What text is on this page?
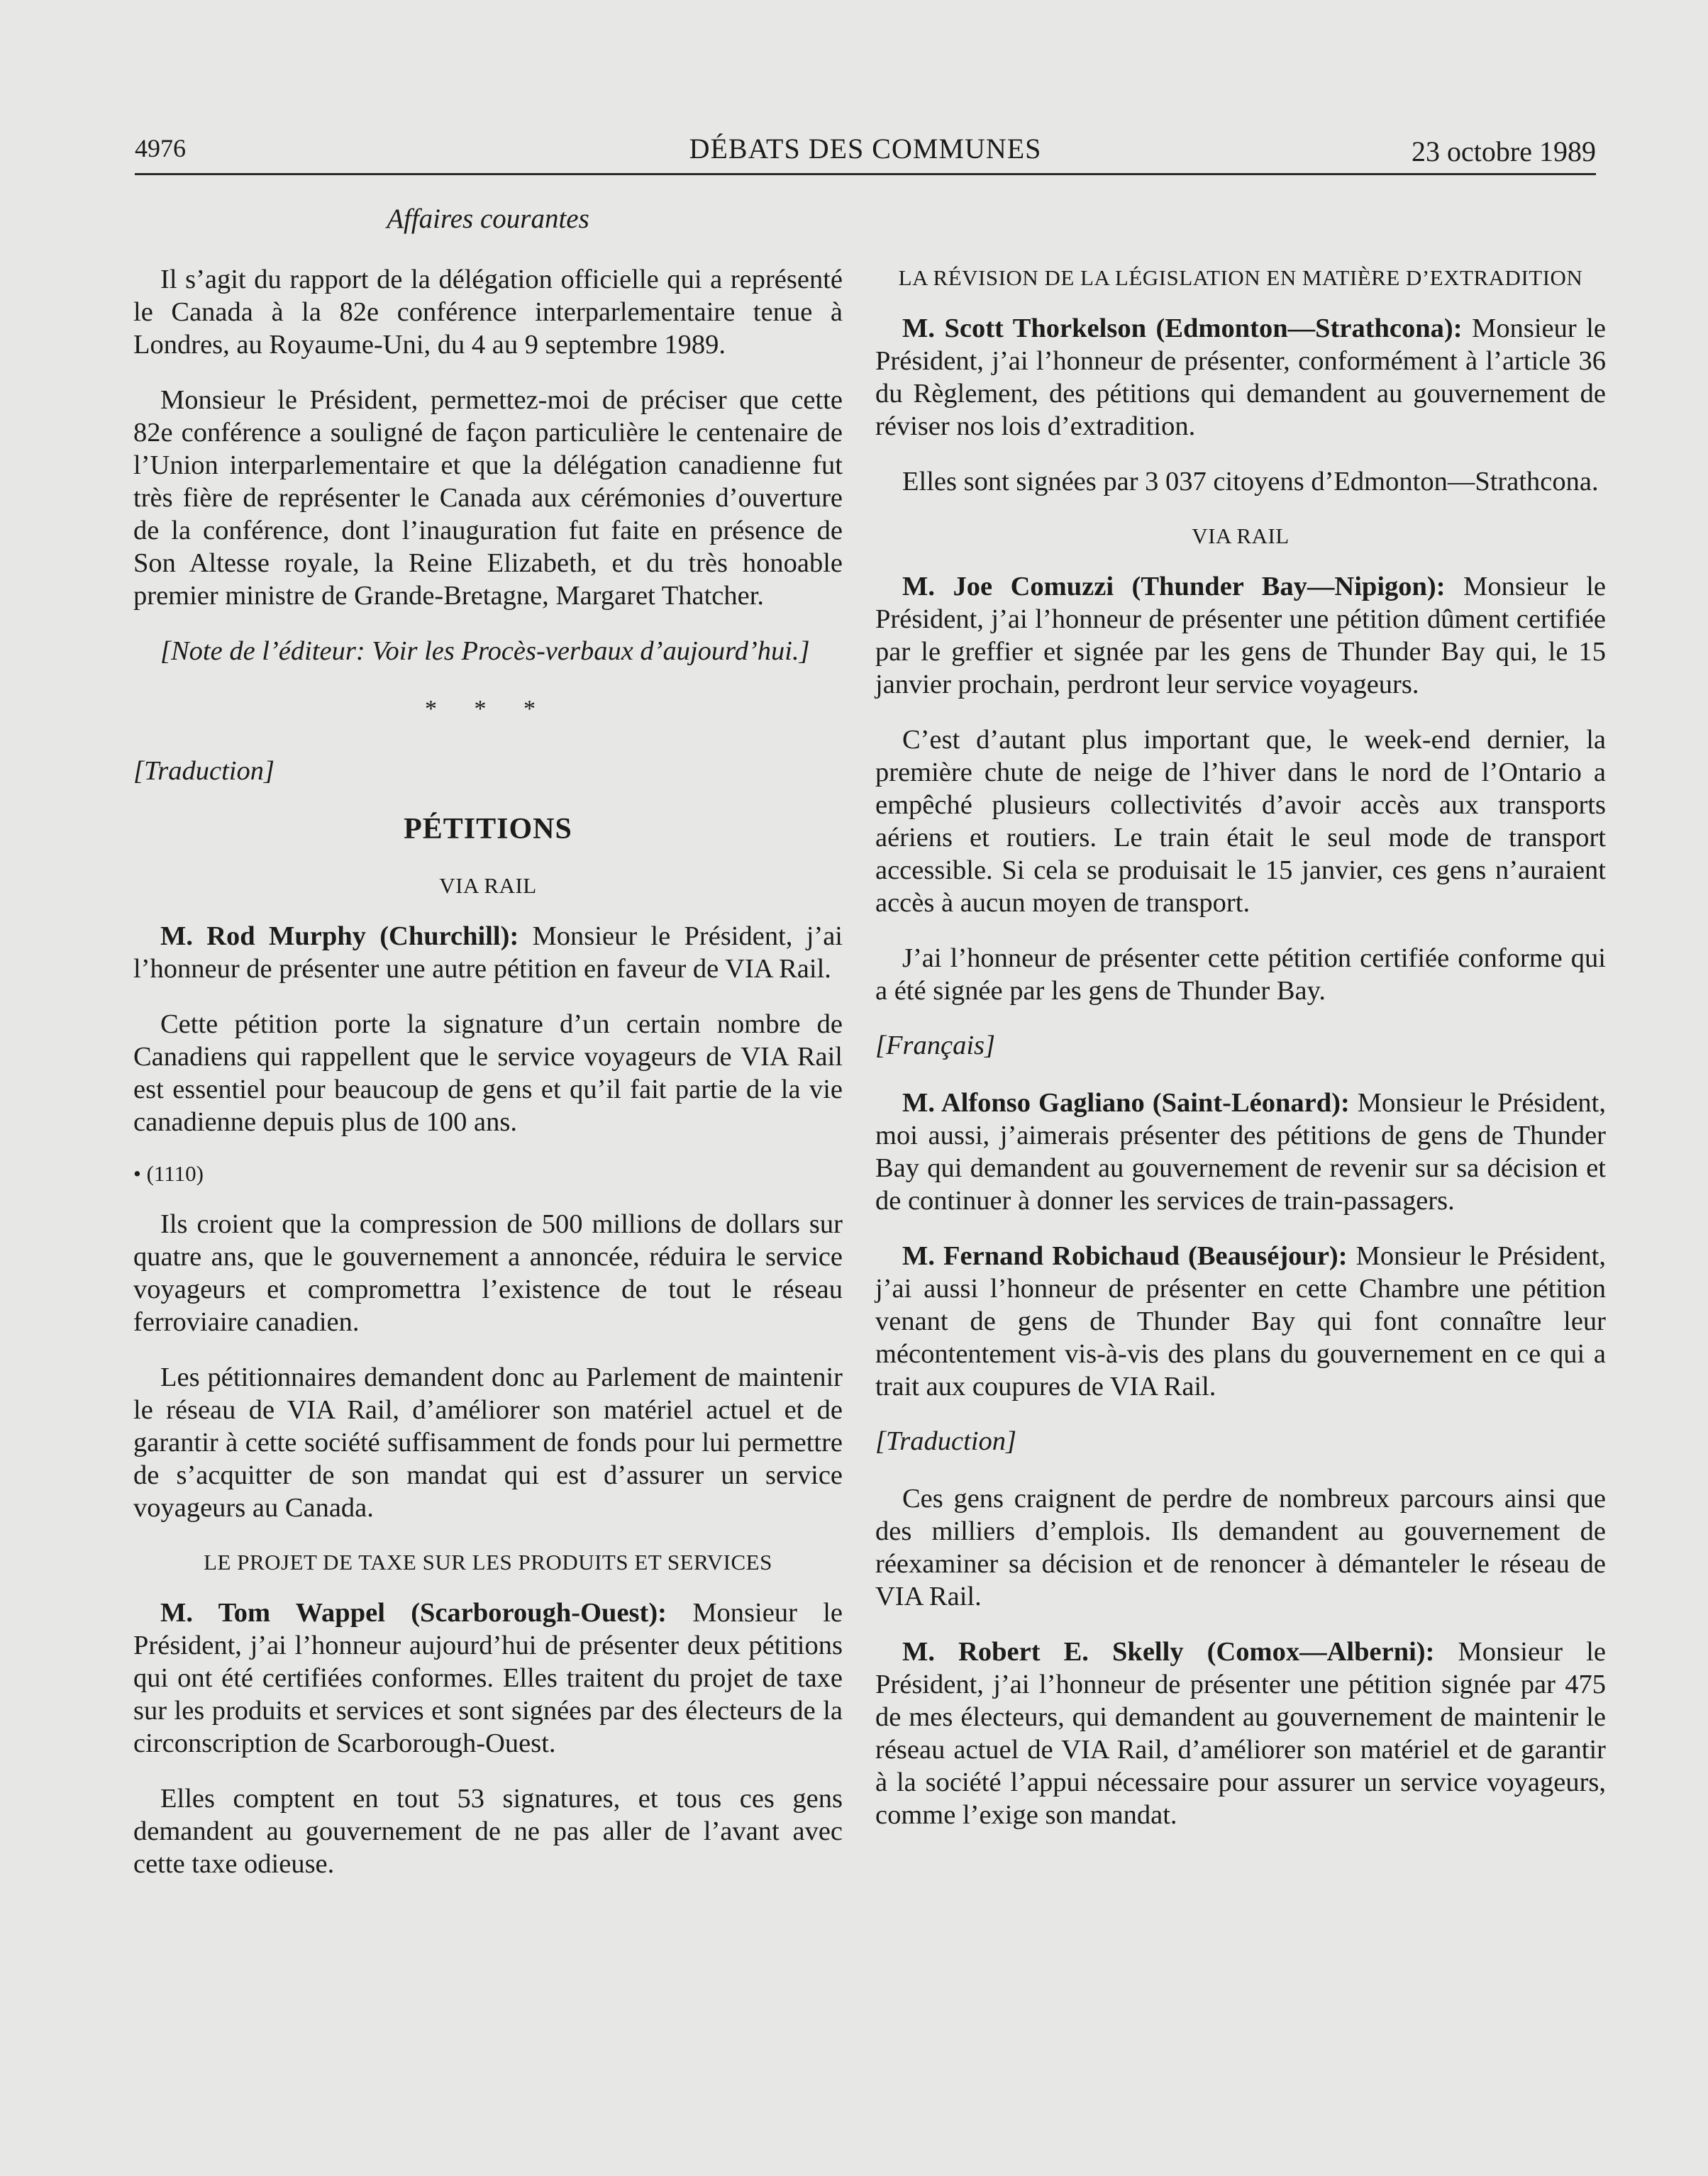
4976	DÉBATS DES COMMUNES	23 octobre 1989
Affaires courantes

Il s’agit du rapport de la délégation officielle qui a représenté le Canada à la 82e conférence interparlementaire tenue à Londres, au Royaume-Uni, du 4 au 9 septembre 1989.

Monsieur le Président, permettez-moi de préciser que cette 82e conférence a souligné de façon particulière le centenaire de l’Union interparlementaire et que la délégation canadienne fut très fière de représenter le Canada aux cérémonies d’ouverture de la conférence, dont l’inauguration fut faite en présence de Son Altesse royale, la Reine Elizabeth, et du très honoable premier ministre de Grande-Bretagne, Margaret Thatcher.

[Note de l’éditeur: Voir les Procès-verbaux d’aujourd’hui.]
* * *
[Traduction]
PÉTITIONS
VIA RAIL

M. Rod Murphy (Churchill): Monsieur le Président, j’ai l’honneur de présenter une autre pétition en faveur de VIA Rail.

Cette pétition porte la signature d’un certain nombre de Canadiens qui rappellent que le service voyageurs de VIA Rail est essentiel pour beaucoup de gens et qu’il fait partie de la vie canadienne depuis plus de 100 ans.

• (1110)

Ils croient que la compression de 500 millions de dollars sur quatre ans, que le gouvernement a annoncée, réduira le service voyageurs et compromettra l’existence de tout le réseau ferroviaire canadien.

Les pétitionnaires demandent donc au Parlement de maintenir le réseau de VIA Rail, d’améliorer son matériel actuel et de garantir à cette société suffisamment de fonds pour lui permettre de s’acquitter de son mandat qui est d’assurer un service voyageurs au Canada.

LE PROJET DE TAXE SUR LES PRODUITS ET SERVICES

M. Tom Wappel (Scarborough-Ouest): Monsieur le Président, j’ai l’honneur aujourd’hui de présenter deux pétitions qui ont été certifiées conformes. Elles traitent du projet de taxe sur les produits et services et sont signées par des électeurs de la circonscription de Scarborough-Ouest.

Elles comptent en tout 53 signatures, et tous ces gens demandent au gouvernement de ne pas aller de l’avant avec cette taxe odieuse.

LA RÉVISION DE LA LÉGISLATION EN MATIÈRE D’EXTRADITION

M. Scott Thorkelson (Edmonton—Strathcona): Monsieur le Président, j’ai l’honneur de présenter, conformément à l’article 36 du Règlement, des pétitions qui demandent au gouvernement de réviser nos lois d’extradition.

Elles sont signées par 3 037 citoyens d’Edmonton—Strathcona.

VIA RAIL

M. Joe Comuzzi (Thunder Bay—Nipigon): Monsieur le Président, j’ai l’honneur de présenter une pétition dûment certifiée par le greffier et signée par les gens de Thunder Bay qui, le 15 janvier prochain, perdront leur service voyageurs.

C’est d’autant plus important que, le week-end dernier, la première chute de neige de l’hiver dans le nord de l’Ontario a empêché plusieurs collectivités d’avoir accès aux transports aériens et routiers. Le train était le seul mode de transport accessible. Si cela se produisait le 15 janvier, ces gens n’auraient accès à aucun moyen de transport.

J’ai l’honneur de présenter cette pétition certifiée conforme qui a été signée par les gens de Thunder Bay.

[Français]

M. Alfonso Gagliano (Saint-Léonard): Monsieur le Président, moi aussi, j’aimerais présenter des pétitions de gens de Thunder Bay qui demandent au gouvernement de revenir sur sa décision et de continuer à donner les services de train-passagers.

M. Fernand Robichaud (Beauséjour): Monsieur le Président, j’ai aussi l’honneur de présenter en cette Chambre une pétition venant de gens de Thunder Bay qui font connaître leur mécontentement vis-à-vis des plans du gouvernement en ce qui a trait aux coupures de VIA Rail.

[Traduction]

Ces gens craignent de perdre de nombreux parcours ainsi que des milliers d’emplois. Ils demandent au gouvernement de réexaminer sa décision et de renoncer à démanteler le réseau de VIA Rail.

M. Robert E. Skelly (Comox—Alberni): Monsieur le Président, j’ai l’honneur de présenter une pétition signée par 475 de mes électeurs, qui demandent au gouvernement de maintenir le réseau actuel de VIA Rail, d’améliorer son matériel et de garantir à la société l’appui nécessaire pour assurer un service voyageurs, comme l’exige son mandat.
